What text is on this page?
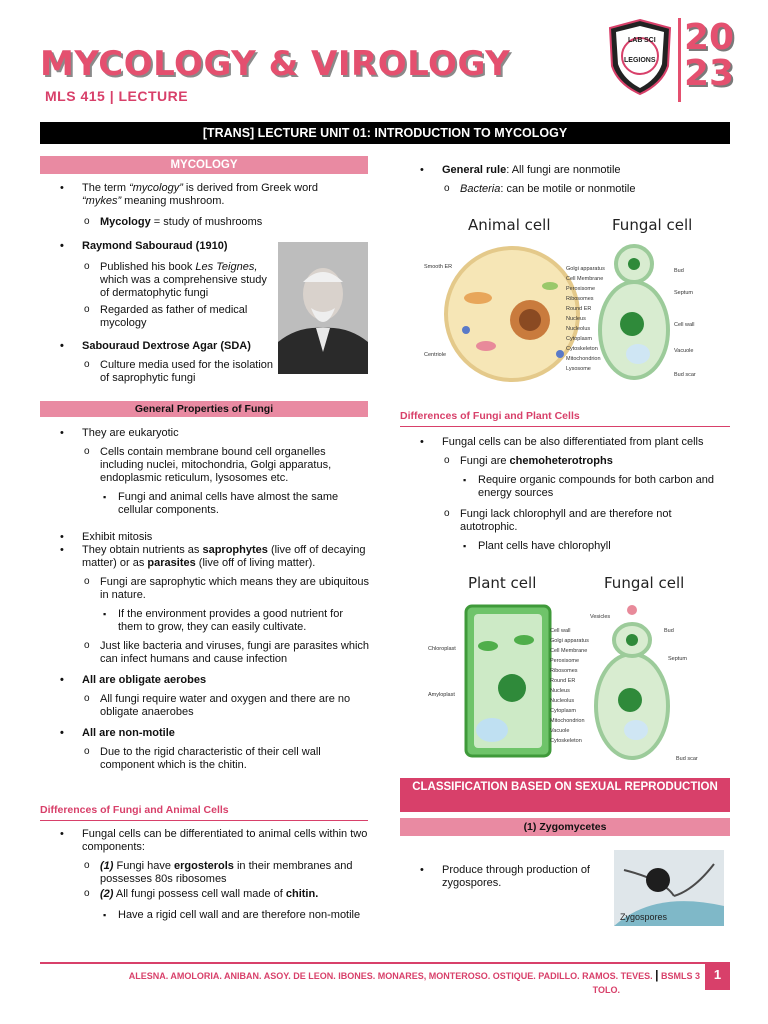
MYCOLOGY & VIROLOGY
MLS 415 | LECTURE
LAB SCI
LEGIONS
20
23
[TRANS] LECTURE UNIT 01: INTRODUCTION TO MYCOLOGY
MYCOLOGY
• The term “mycology” is derived from Greek word
“mykes” meaning mushroom.
o Mycology = study of mushrooms
• Raymond Sabouraud (1910)
o Published his book Les Teignes, which was a comprehensive study of dermatophytic fungi
o Regarded as father of medical mycology
• Sabouraud Dextrose Agar (SDA)
o Culture media used for the isolation of saprophytic fungi
General Properties of Fungi
• They are eukaryotic
o Cells contain membrane bound cell organelles including nuclei, mitochondria, Golgi apparatus, endoplasmic reticulum, lysosomes etc.
▪ Fungi and animal cells have almost the same cellular components.
• Exhibit mitosis
• They obtain nutrients as saprophytes (live off of decaying matter) or as parasites (live off of living matter).
o Fungi are saprophytic which means they are ubiquitous in nature.
▪ If the environment provides a good nutrient for them to grow, they can easily cultivate.
o Just like bacteria and viruses, fungi are parasites which can infect humans and cause infection
• All are obligate aerobes
o All fungi require water and oxygen and there are no obligate anaerobes
• All are non-motile
o Due to the rigid characteristic of their cell wall component which is the chitin.
Differences of Fungi and Animal Cells
• Fungal cells can be differentiated to animal cells within two components:
o (1) Fungi have ergosterols in their membranes and possesses 80s ribosomes
o (2) All fungi possess cell wall made of chitin.
▪ Have a rigid cell wall and are therefore non-motile
• General rule: All fungi are nonmotile
o Bacteria: can be motile or nonmotile
Animal cell	Fungal cell
Golgi apparatus
Cell Membrane
Peroxisome
Ribosomes
Round ER
Nucleus
Nucleolus
Cytoplasm
Cytoskeleton
Mitochondrion
Lysosome
Smooth ER
Centriole
Bud
Septum
Cell wall
Vacuole
Bud scar
Differences of Fungi and Plant Cells
• Fungal cells can be also differentiated from plant cells
o Fungi are chemoheterotrophs
▪ Require organic compounds for both carbon and energy sources
o Fungi lack chlorophyll and are therefore not autotrophic.
▪ Plant cells have chlorophyll
Plant cell	Fungal cell
Vesicles
Cell wall
Golgi apparatus
Cell Membrane
Peroxisome
Ribosomes
Round ER
Nucleus
Nucleolus
Cytoplasm
Mitochondrion
Vacuole
Cytoskeleton
Chloroplast
Amyloplast
Bud
Septum
Bud scar
CLASSIFICATION BASED ON SEXUAL REPRODUCTION
(1) Zygomycetes
• Produce through production of zygospores.
Zygospores
ALESNA. AMOLORIA. ANIBAN. ASOY. DE LEON. IBONES. MONARES, MONTEROSO. OSTIQUE. PADILLO. RAMOS. TEVES. | BSMLS 3
TOLO.
1
